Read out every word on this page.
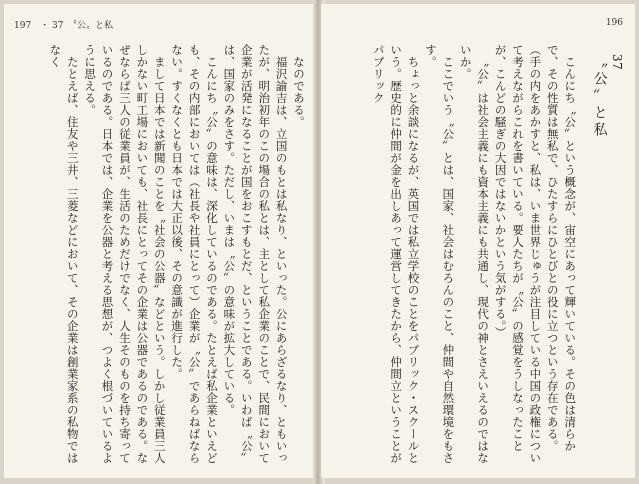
197　・ 37　〝公〟と私

なのである。

福沢諭吉は、立国のもとは私なり、といった。公にあらざるなり、ともいったが、明治初年のこの場合の私とは、主として私企業のことで、民間において企業が活発になることが国をおこすもとだ、ということである。いわば〝公〟は、国家のみをさす。ただし、いまは〝公〟の意味が拡大している。

こんにち〝公〟の意味は、深化しているのである。たとえば私企業といえども、その内部においては（社長や社員にとって）企業が〝公〟であらねばならない。すくなくとも日本では大正以後、その意識が進行した。

まして日本では新聞のことを〝社会の公器〟などという。しかし従業員三人しかない町工場においても、社長にとってその企業は公器であるのである。なぜならば三人の従業員が、生活のためだけでなく、人生そのものを持ち寄っているのである。日本では、企業を公器と考える思想が、つよく根づいているように思える。

たとえば、住友や三井、三菱などにおいて、その企業は創業家系の私物ではなく

196
37
〝公〟と私

こんにち〝公〟という概念が、宙空にあって輝いている。その色は清らかで、その性質は無私で、ひたすらにひとびとの役に立つという存在である。（手の内をあかすと、私は、いま世界じゅうが注目している中国の政権について考えながらこれを書いている。要人たちが〝公〟の感覚をうしなったことが、こんどの騒ぎの大因ではないかという気がする。）

〝公〟は社会主義にも資本主義にも共通し、現代の神とさえいえるのではないか。

ここでいう〝公〟とは、国家、社会はむろんのこと、仲間や自然環境をもさす。

ちょっと余談になるが、英国では私立学校のことをパブリック・スクールという。歴史的に仲間が金を出しあって運営してきたから、仲間立ということがパブリック
